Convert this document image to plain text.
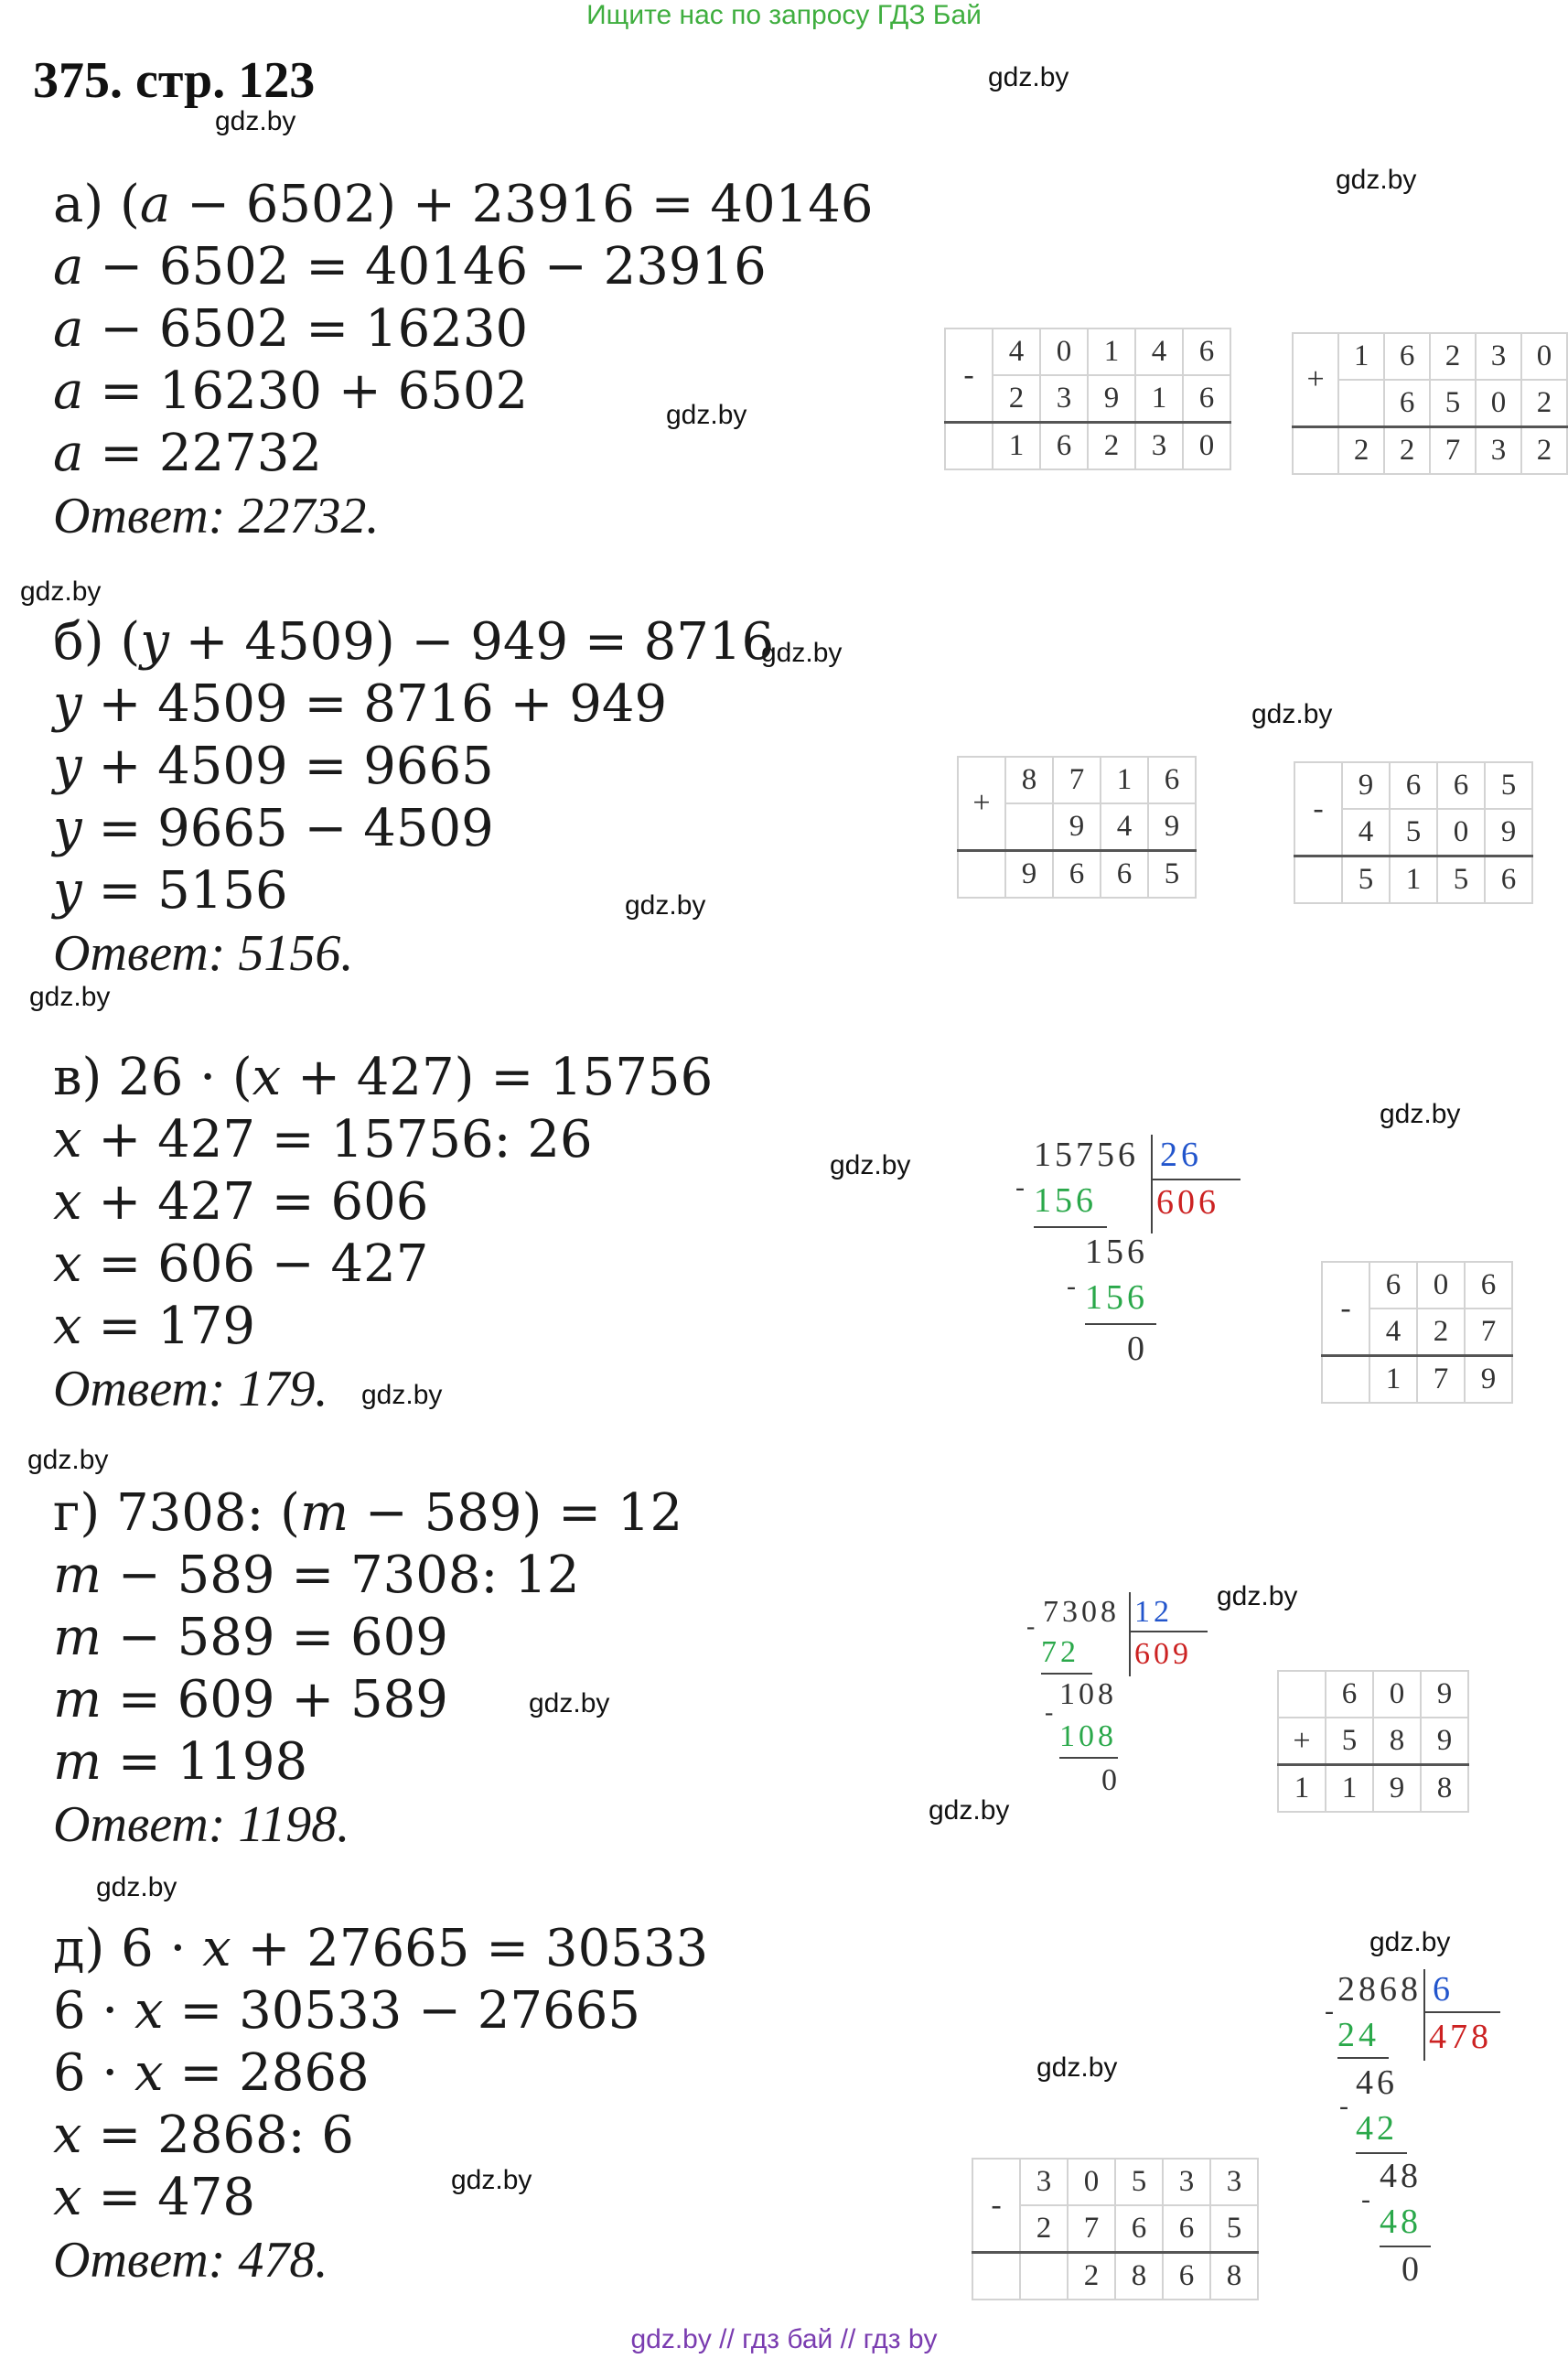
Ищите нас по запросу ГДЗ Бай
375. стр. 123
gdz.by
gdz.by
gdz.by
gdz.by
gdz.by
gdz.by
gdz.by
gdz.by
gdz.by
gdz.by
gdz.by
gdz.by
gdz.by
gdz.by
gdz.by
gdz.by
gdz.by
gdz.by
gdz.by
gdz.by
а) (𝑎 − 6502) + 23916 = 40146
𝑎 − 6502 = 40146 − 23916
𝑎 − 6502 = 16230
𝑎 = 16230 + 6502
𝑎 = 22732
Ответ: 22732.
б) (𝑦 + 4509) − 949 = 8716
𝑦 + 4509 = 8716 + 949
𝑦 + 4509 = 9665
𝑦 = 9665 − 4509
𝑦 = 5156
Ответ: 5156.
в) 26 · (𝑥 + 427) = 15756
𝑥 + 427 = 15756: 26
𝑥 + 427 = 606
𝑥 = 606 − 427
𝑥 = 179
Ответ: 179.
г) 7308: (𝑚 − 589) = 12
𝑚 − 589 = 7308: 12
𝑚 − 589 = 609
𝑚 = 609 + 589
𝑚 = 1198
Ответ: 1198.
д) 6 · 𝑥 + 27665 = 30533
6 · 𝑥 = 30533 − 27665
6 · 𝑥 = 2868
𝑥 = 2868: 6
𝑥 = 478
Ответ: 478.
-	4	0	1	4	6
	2	3	9	1	6
	1	6	2	3	0
+	1	6	2	3	0
		6	5	0	2
	2	2	7	3	2
+	8	7	1	6
		9	4	9
	9	6	6	5
-	9	6	6	5
	4	5	0	9
	5	1	5	6
-	6	0	6
	4	2	7
	1	7	9
	6	0	9
+	5	8	9
1	1	9	8
-	3	0	5	3	3
	2	7	6	6	5
		2	8	6	8
15756 26
- 156 606
156
- 156
0
7308 12
-
72 609
108
-
108
0
2868 6
-
24 478
46
-
42
48
-
48
0
gdz.by // гдз бай // гдз by
